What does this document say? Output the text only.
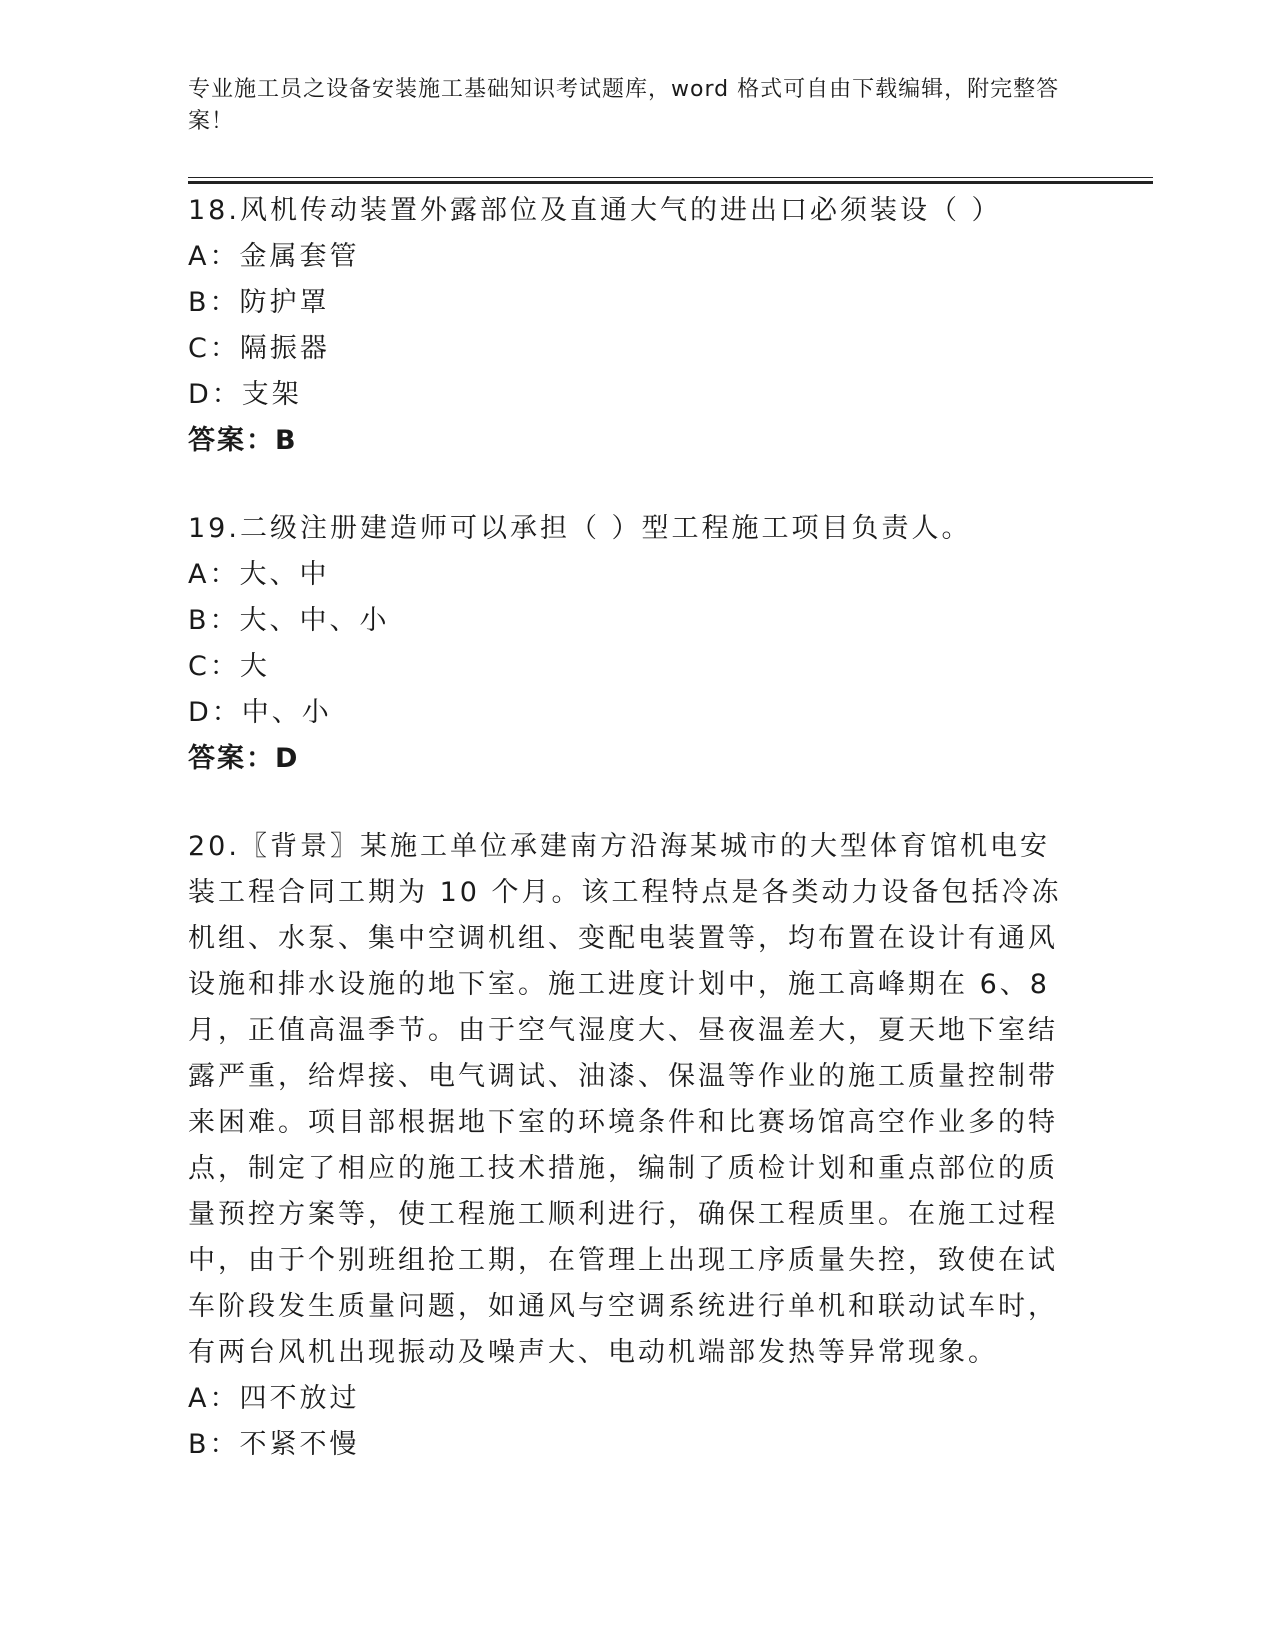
专业施工员之设备安装施工基础知识考试题库，word 格式可自由下载编辑，附完整答案！

18.风机传动装置外露部位及直通大气的进出口必须装设（ ）

A：金属套管

B：防护罩

C：隔振器

D：支架

答案：B

19.二级注册建造师可以承担（ ）型工程施工项目负责人。

A：大、中

B：大、中、小

C：大

D：中、小

答案：D

20.〖背景〗某施工单位承建南方沿海某城市的大型体育馆机电安装工程合同工期为 10 个月。该工程特点是各类动力设备包括冷冻机组、水泵、集中空调机组、变配电装置等，均布置在设计有通风设施和排水设施的地下室。施工进度计划中，施工高峰期在 6、8 月，正值高温季节。由于空气湿度大、昼夜温差大，夏天地下室结露严重，给焊接、电气调试、油漆、保温等作业的施工质量控制带来困难。项目部根据地下室的环境条件和比赛场馆高空作业多的特点，制定了相应的施工技术措施，编制了质检计划和重点部位的质量预控方案等，使工程施工顺利进行，确保工程质里。在施工过程中，由于个别班组抢工期，在管理上出现工序质量失控，致使在试车阶段发生质量问题，如通风与空调系统进行单机和联动试车时，有两台风机出现振动及噪声大、电动机端部发热等异常现象。

A：四不放过

B：不紧不慢
